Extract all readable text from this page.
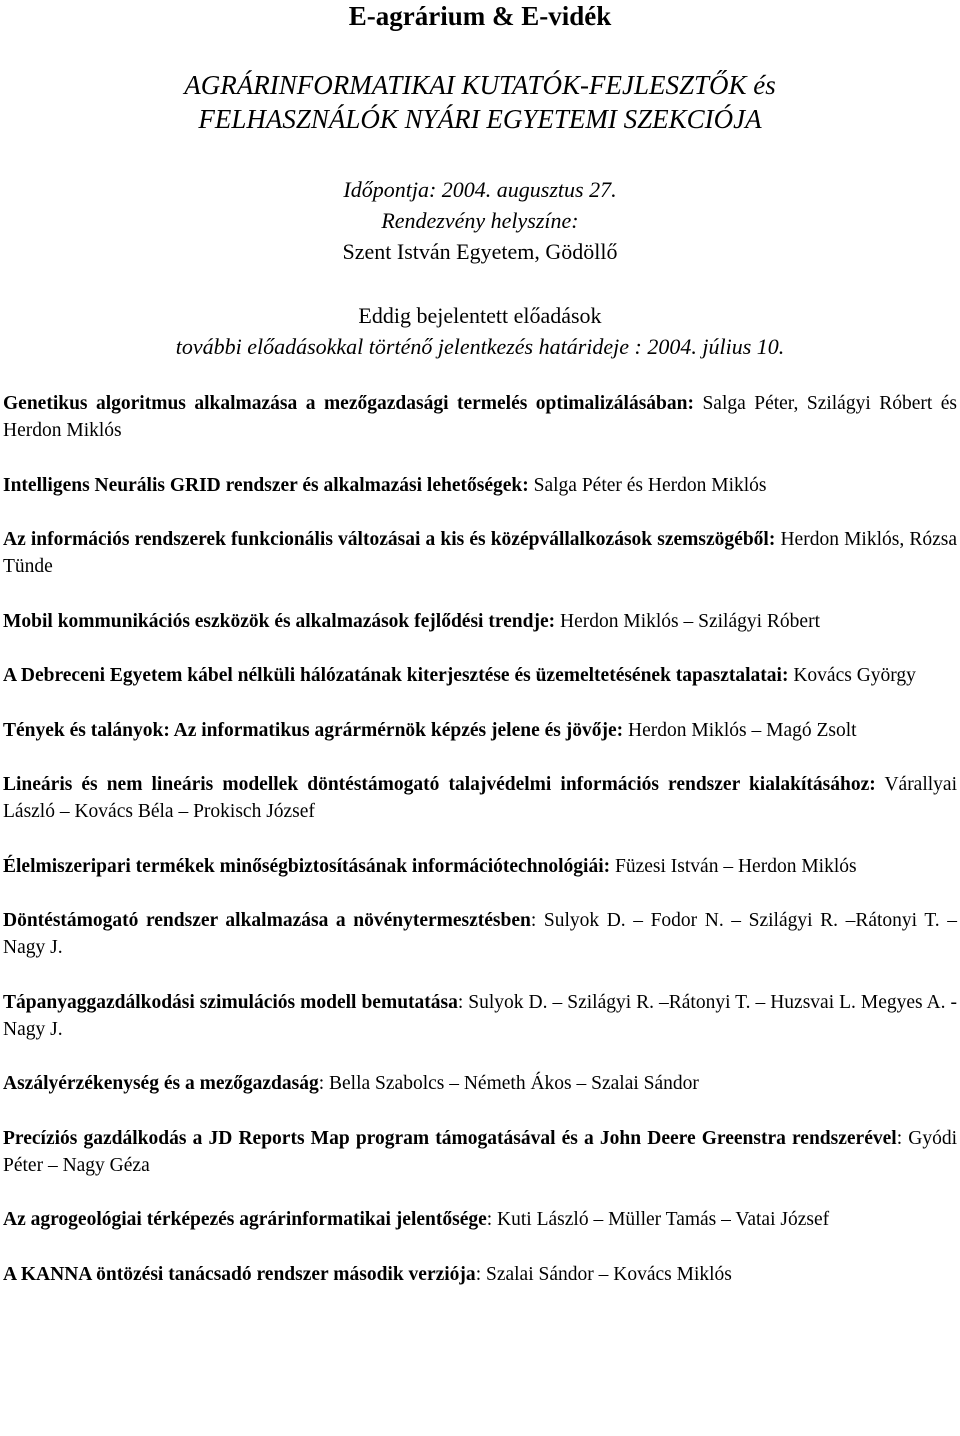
E-agrárium & E-vidék
AGRÁRINFORMATIKAI KUTATÓK-FEJLESZTŐK és
FELHASZNÁLÓK NYÁRI EGYETEMI SZEKCIÓJA
Időpontja: 2004. augusztus 27.
Rendezvény helyszíne:
Szent István Egyetem, Gödöllő
Eddig bejelentett előadások
további előadásokkal történő jelentkezés határideje : 2004. július 10.

Genetikus algoritmus alkalmazása a mezőgazdasági termelés optimalizálásában: Salga Péter, Szilágyi Róbert és Herdon Miklós

Intelligens Neurális GRID rendszer és alkalmazási lehetőségek: Salga Péter és Herdon Miklós

Az információs rendszerek funkcionális változásai a kis és középvállalkozások szemszögéből: Herdon Miklós, Rózsa Tünde

Mobil kommunikációs eszközök és alkalmazások fejlődési trendje: Herdon Miklós – Szilágyi Róbert

A Debreceni Egyetem kábel nélküli hálózatának kiterjesztése és üzemeltetésének tapasztalatai: Kovács György

Tények és talányok: Az informatikus agrármérnök képzés jelene és jövője: Herdon Miklós – Magó Zsolt

Lineáris és nem lineáris modellek döntéstámogató talajvédelmi információs rendszer kialakításához: Várallyai László – Kovács Béla – Prokisch József

Élelmiszeripari termékek minőségbiztosításának információtechnológiái: Füzesi István – Herdon Miklós

Döntéstámogató rendszer alkalmazása a növénytermesztésben: Sulyok D. – Fodor N. – Szilágyi R. –Rátonyi T. – Nagy J.

Tápanyaggazdálkodási szimulációs modell bemutatása: Sulyok D. – Szilágyi R. –Rátonyi T. – Huzsvai L. Megyes A. - Nagy J.

Aszályérzékenység és a mezőgazdaság: Bella Szabolcs – Németh Ákos – Szalai Sándor

Precíziós gazdálkodás a JD Reports Map program támogatásával és a John Deere Greenstra rendszerével: Gyódi Péter – Nagy Géza

Az agrogeológiai térképezés agrárinformatikai jelentősége: Kuti László – Müller Tamás – Vatai József

A KANNA öntözési tanácsadó rendszer második verziója: Szalai Sándor – Kovács Miklós
